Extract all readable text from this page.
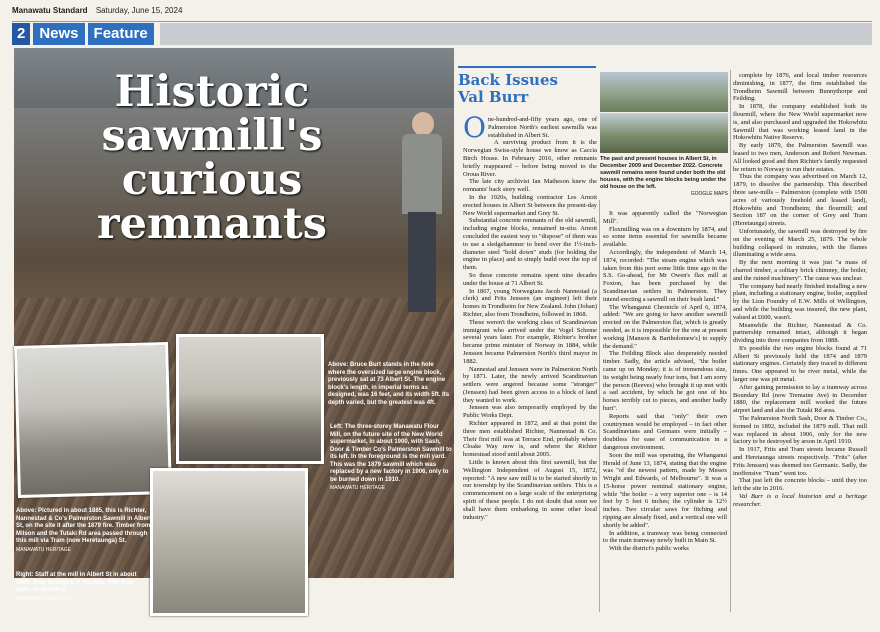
Manawatu Standard Saturday, June 15, 2024
2 News	Feature
Historic sawmill's curious remnants
Above: Bruce Burt stands in the hole where the oversized large engine block, previously sat at 73 Albert St. The engine block's length, in imperial terms as designed, was 16 feet, and its width 5ft. Its depth varied, but the greatest was 4ft.
Left: The three-storey Manawatu Flour Mill, on the future site of the New World supermarket, in about 1900, with Sash, Door & Timber Co's Palmerston Sawmill to its left. In the foreground is the mill yard. This was the 1879 sawmill which was replaced by a new factory in 1906, only to be burned down in 1910.
MANAWATU HERITAGE
Above: Pictured in about 1885, this is Richter, Nannestad & Co's Palmerston Sawmill in Albert St, on the site it after the 1879 fire. Timber from Milson and the Tutaki Rd area passed through this mill via Tram (now Heretaunga) St.
MANAWATU HERITAGE
Right: Staff at the mill in Albert St in about 1885. Only George E.V. Kochler, fifth from right, is identified.
MANAWATU HERITAGE
Back Issues
Val Burr

One-hundred-and-fifty years ago, one of Palmerston North's earliest sawmills was established in Albert St.

A surviving product from it is the Norwegian Swiss-style house we know as Caccia Birch House. In February 2016, other remnants briefly reappeared – before being moved to the Oroua River.

The late city archivist Ian Matheson knew the remnants' back story well.

In the 1920s, building contractor Les Arnott erected houses in Albert St between the present-day New World supermarket and Grey St.

Substantial concrete remnants of the old sawmill, including engine blocks, remained in-situ. Arnott concluded the easiest way to "dispose" of them was to use a sledgehammer to bend over the 1½-inch-diameter steel "hold down" studs (for holding the engine in place) and to simply build over the top of them.

So these concrete remains spent nine decades under the house at 71 Albert St.

In 1867, young Norwegians Jacob Nannestad (a clerk) and Frits Jenssen (an engineer) left their homes in Trondheim for New Zealand. John (Johan) Richter, also from Trondheim, followed in 1868.

These weren't the working class of Scandinavian immigrant who arrived under the Vogel Scheme several years later. For example, Richter's brother became prime minister of Norway in 1884, while Jenssen became Palmerston North's third mayor in 1882.

Nannestad and Jenssen were in Palmerston North by 1871. Later, the newly arrived Scandinavian settlers were angered because some "stranger" (Jenssen) had been given access to a block of land they wanted to work.

Jenssen was also temporarily employed by the Public Works Dept.

Richter appeared in 1872, and at that point the three men established Richter, Nannestad & Co. Their first mill was at Terrace End, probably where Cloake Way now is, and where the Richter homestead stood until about 2005.

Little is known about this first sawmill, but the Wellington Independent of August 15, 1872, reported: "A new saw mill is to be started shortly in our township by the Scandinavian settlers. This is a commencement on a large scale of the enterprising spirit of these people. I do not doubt that soon we shall have them embarking in some other local industry."

The past and present houses in Albert St, in December 2009 and December 2022. Concrete sawmill remains were found under both the old houses, with the engine blocks being under the old house on the left.
GOOGLE MAPS

It was apparently called the "Norwegian Mill".

Floxmilling was on a downturn by 1874, and so some items essential for sawmills became available.

Accordingly, the independent of March 14, 1874, recorded: "The steam engine which was taken from this port some little time ago in the S.S. Go-ahead, for Mr Owen's flax mill at Foxton, has been purchased by the Scandinavian settlers in Palmerston. They intend erecting a sawmill on their bush land."

The Whanganui Chronicle of April 6, 1874, added: "We are going to have another sawmill erected on the Palmerston flat, which is greatly needed, as it is impossible for the one at present working [Manson & Bartholomew's] to supply the demand."

The Feilding Block also desperately needed timber. Sadly, the article advised, "the boiler came up on Monday; it is of tremendous size, its weight being nearly four tons, but I am sorry the person (Reeves) who brought it up met with a sad accident, by which he got one of his horses terribly cut to pieces, and another badly hurt".

Reports said that "only" their own countrymen would be employed – in fact other Scandinavians and Germans were initially – doubtless for ease of communication in a dangerous environment.

Soon the mill was operating, the Whanganui Herald of June 13, 1874, stating that the engine was "of the newest pattern, made by Messrs Wright and Edwards, of Melbourne". It was a 15-horse power nominal stationary engine, while "the boiler – a very superior one – is 14 feet by 5 feet 6 inches; the cylinder is 12½ inches. Two circular saws for fitching and ripping are already fixed, and a vertical one will shortly be added".

In addition, a tramway was being connected to the main tramway newly built in Main St.

With the district's public works

complete by 1876, and local timber resources diminishing, in 1877, the firm established the Trondheim Sawmill between Bunnythorpe and Feilding.

In 1878, the company established both its flourmill, where the New World supermarket now is, and also purchased and upgraded the Hokowhitu Sawmill that was working leased land in the Hokowhitu Native Reserve.

By early 1879, the Palmerston Sawmill was leased to two men, Anderson and Robert Newman. All looked good and then Richter's family requested he return to Norway to run their estates.

Thus the company was advertised on March 12, 1879, to dissolve the partnership. This described three saw-mills – Palmerston (complete with 1500 acres of variously freehold and leased land), Hokowhitu and Trondheim; the flourmill; and Section 187 on the corner of Grey and Tram (Heretaunga) streets.

Unfortunately, the sawmill was destroyed by fire on the evening of March 25, 1879. The whole building collapsed in minutes, with the flames illuminating a wide area.

By the next morning it was just "a mass of charred timber, a solitary brick chimney, the boiler, and the ruined machinery". The cause was unclear.

The company had nearly finished installing a new plant, including a stationary engine, boiler, supplied by the Lion Foundry of E.W. Mills of Wellington, and while the building was insured, the new plant, valued at £600, wasn't.

Meanwhile the Richter, Nannestad & Co. partnership remained intact, although it began dividing into three companies from 1888.

It's possible the two engine blocks found at 71 Albert St previously held the 1874 and 1879 stationary engines. Certainly they traced to different times. One appeared to be river metal, while the larger one was pit metal.

After gaining permission to lay a tramway across Boundary Rd (now Tremaine Ave) in December 1880, the replacement mill worked the future airport land and also the Tutaki Rd area.

The Palmerston North Sash, Door & Timber Co., formed in 1892, included the 1879 mill. That mill was replaced in about 1906, only for the new factory to be destroyed by arson in April 1910.

In 1917, Frits and Tram streets became Russell and Heretaunga streets respectively. "Frits" (after Frits Jenssen) was deemed too Germanic. Sadly, the inoffensive "Tram" went too.

That just left the concrete blocks – until they too left the site in 2016.

Val Burr is a local historian and a heritage researcher.
